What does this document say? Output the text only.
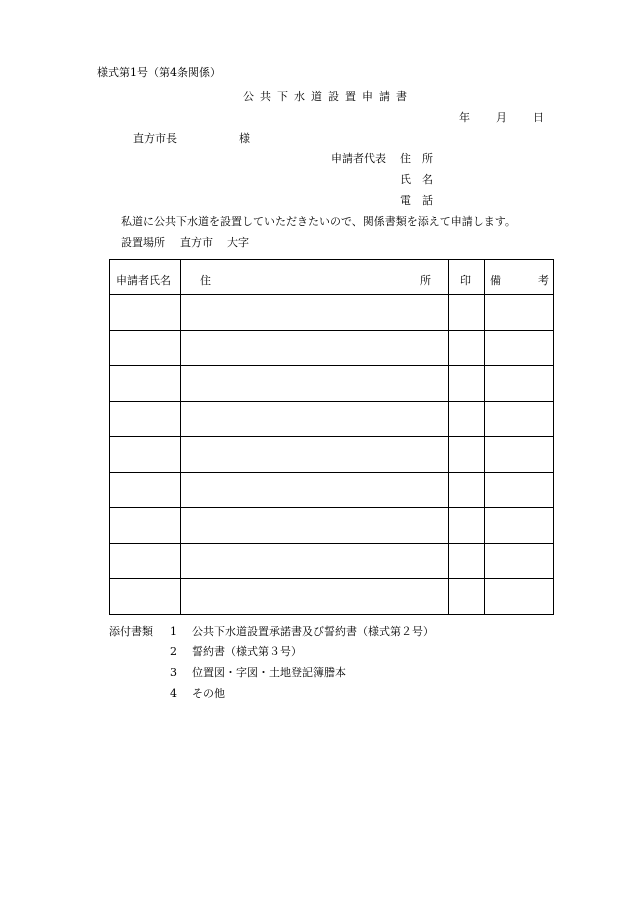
様式第1号（第4条関係）
公共下水道設置申請書
年 月 日
直方市長	様
申請者代表 住　所
氏　名
電　話
私道に公共下水道を設置していただきたいので、関係書類を添えて申請します。
設置場所 直方市 大字
申請者氏名	住 所	印	備 考

添付書類 1 公共下水道設置承諾書及び誓約書（様式第２号）
2 誓約書（様式第３号）
3 位置図・字図・土地登記簿謄本
4 その他
